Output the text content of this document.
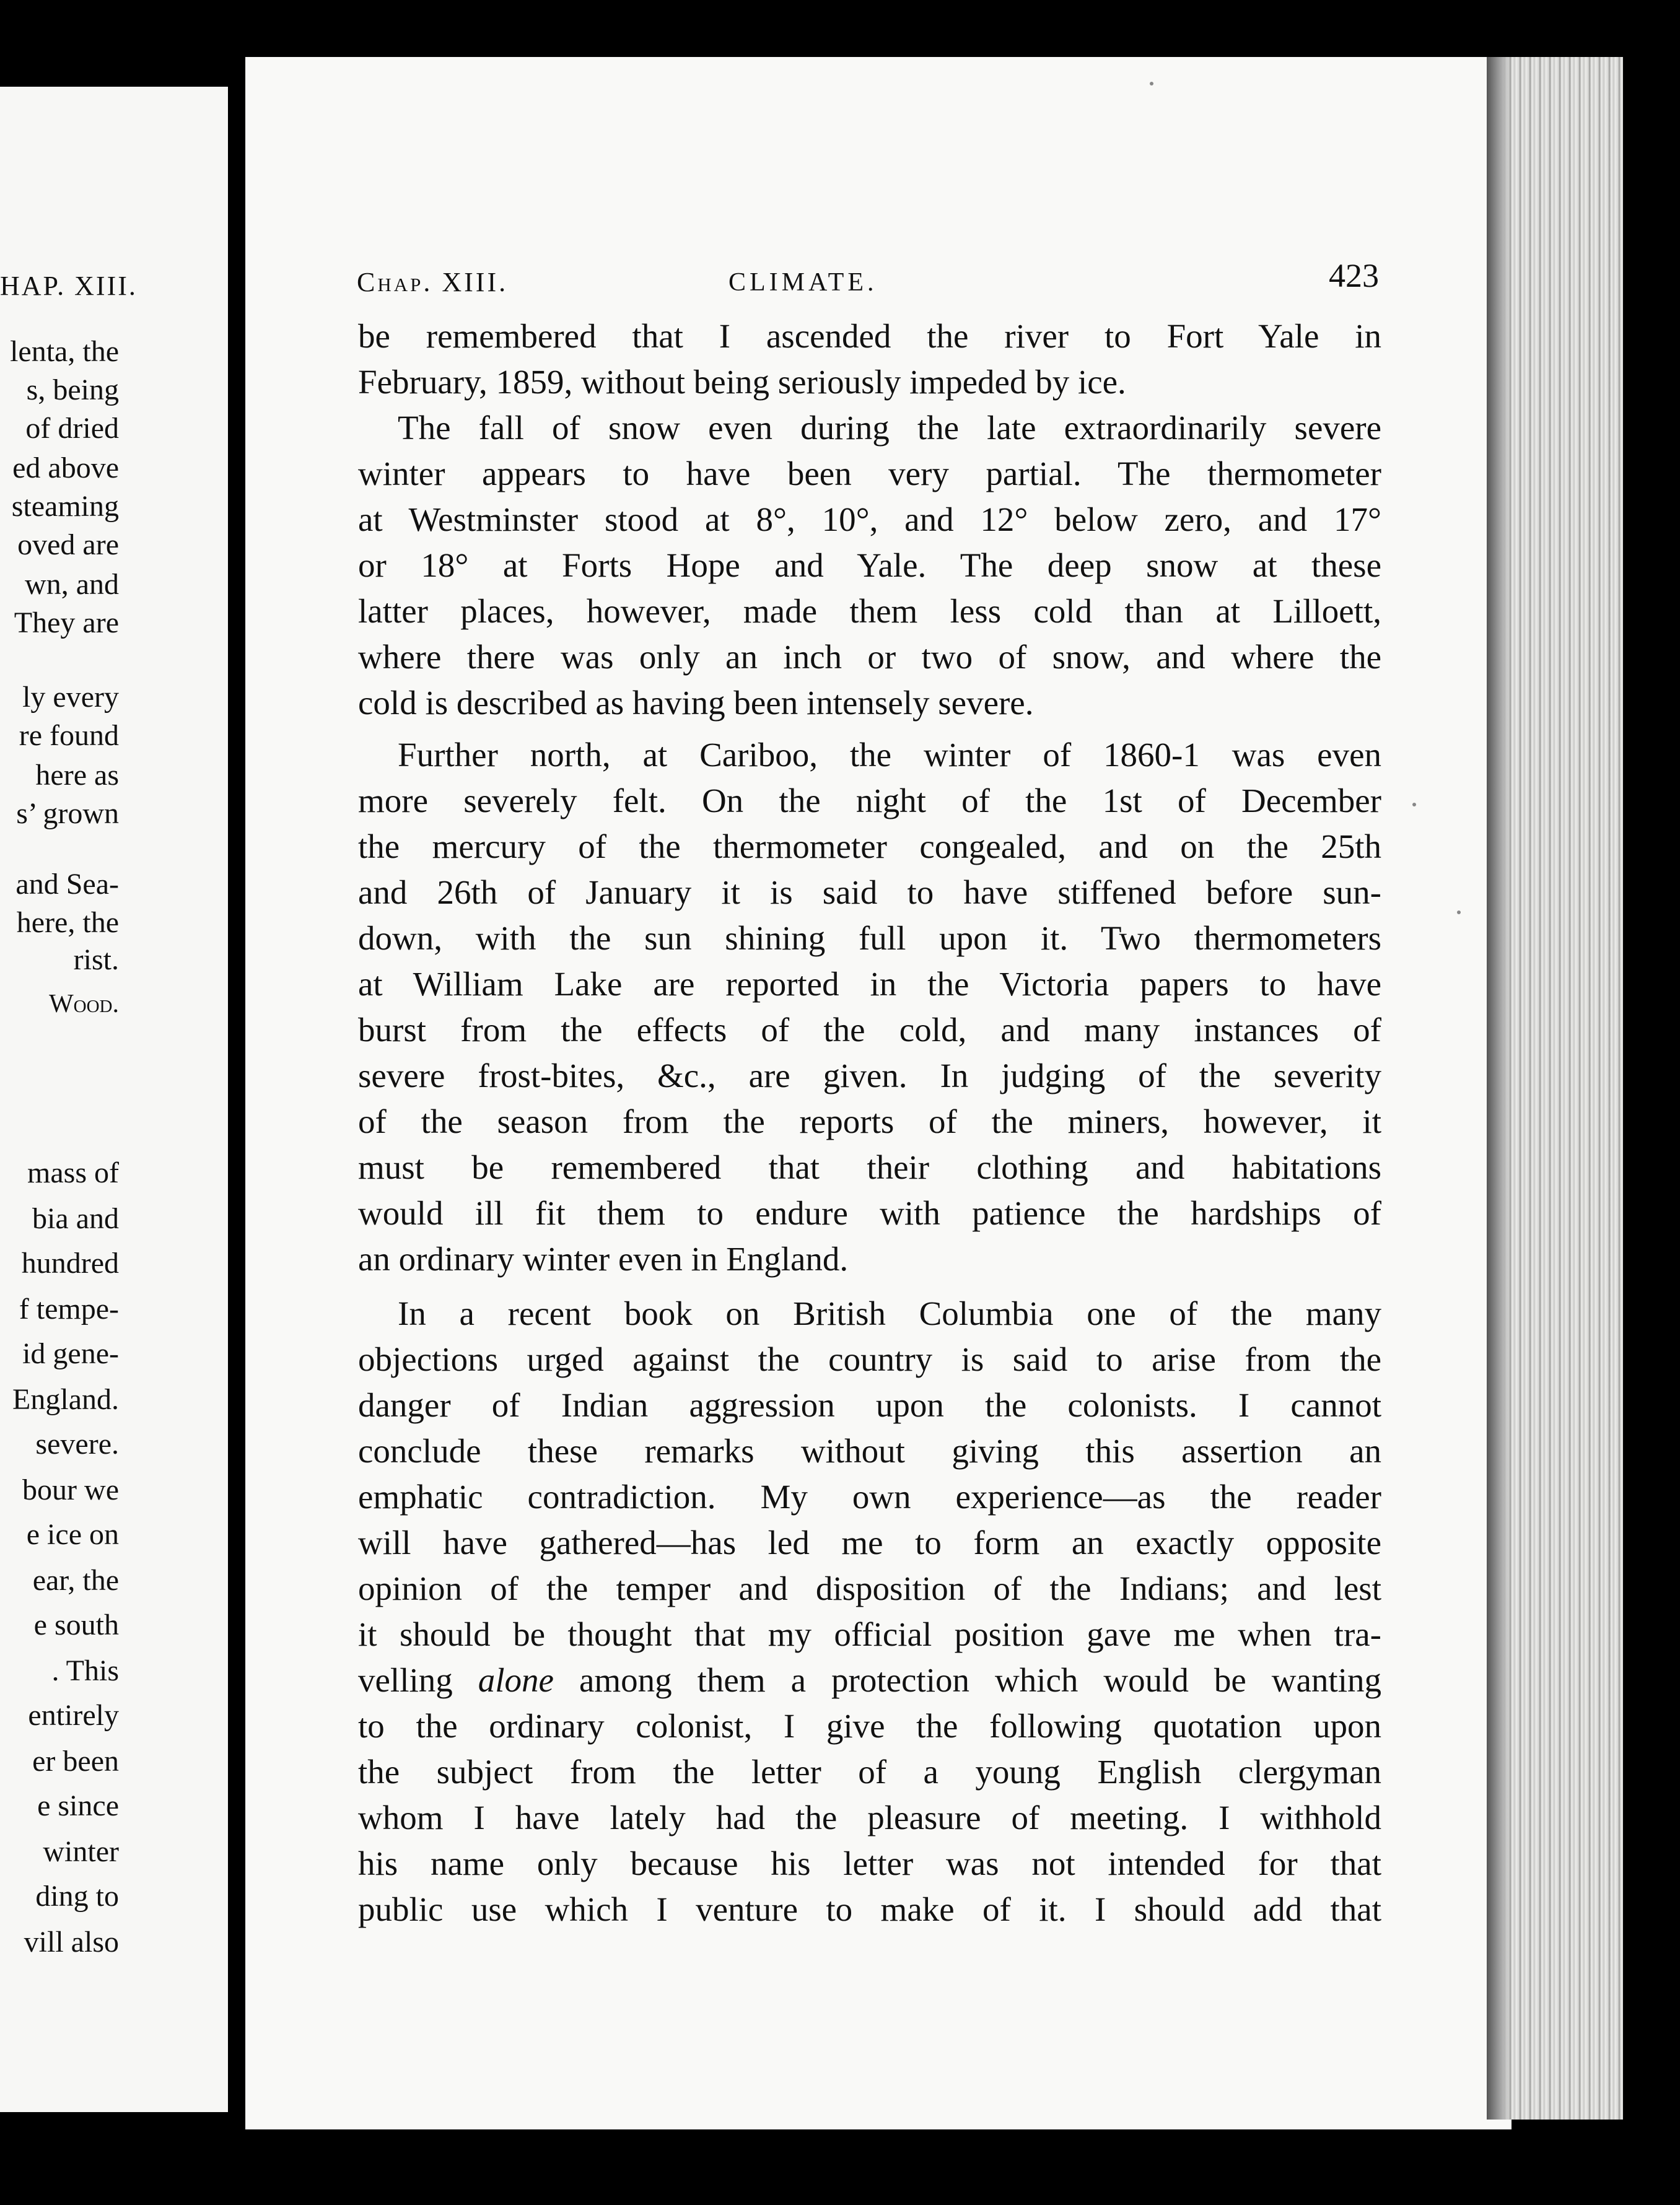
HAP. XIII.
lenta, the
s, being
of dried
ed above
steaming
oved are
wn, and
They are
ly every
re found
here as
s’ grown
and Sea-
here, the
rist.
Wood.
mass of
bia and
hundred
f tempe-
id gene-
England.
severe.
bour we
e ice on
ear, the
e south
. This
entirely
er been
e since
winter
ding to
vill also
Chap. XIII.	CLIMATE.	423
be remembered that I ascended the river to Fort Yale in
February, 1859, without being seriously impeded by ice.
The fall of snow even during the late extraordinarily severe
winter appears to have been very partial. The thermometer
at Westminster stood at 8°, 10°, and 12° below zero, and 17°
or 18° at Forts Hope and Yale. The deep snow at these
latter places, however, made them less cold than at Lilloett,
where there was only an inch or two of snow, and where the
cold is described as having been intensely severe.
Further north, at Cariboo, the winter of 1860-1 was even
more severely felt. On the night of the 1st of December
the mercury of the thermometer congealed, and on the 25th
and 26th of January it is said to have stiffened before sun-
down, with the sun shining full upon it. Two thermometers
at William Lake are reported in the Victoria papers to have
burst from the effects of the cold, and many instances of
severe frost-bites, &c., are given. In judging of the severity
of the season from the reports of the miners, however, it
must be remembered that their clothing and habitations
would ill fit them to endure with patience the hardships of
an ordinary winter even in England.
In a recent book on British Columbia one of the many
objections urged against the country is said to arise from the
danger of Indian aggression upon the colonists. I cannot
conclude these remarks without giving this assertion an
emphatic contradiction. My own experience—as the reader
will have gathered—has led me to form an exactly opposite
opinion of the temper and disposition of the Indians; and lest
it should be thought that my official position gave me when tra-
velling alone among them a protection which would be wanting
to the ordinary colonist, I give the following quotation upon
the subject from the letter of a young English clergyman
whom I have lately had the pleasure of meeting. I withhold
his name only because his letter was not intended for that
public use which I venture to make of it. I should add that
